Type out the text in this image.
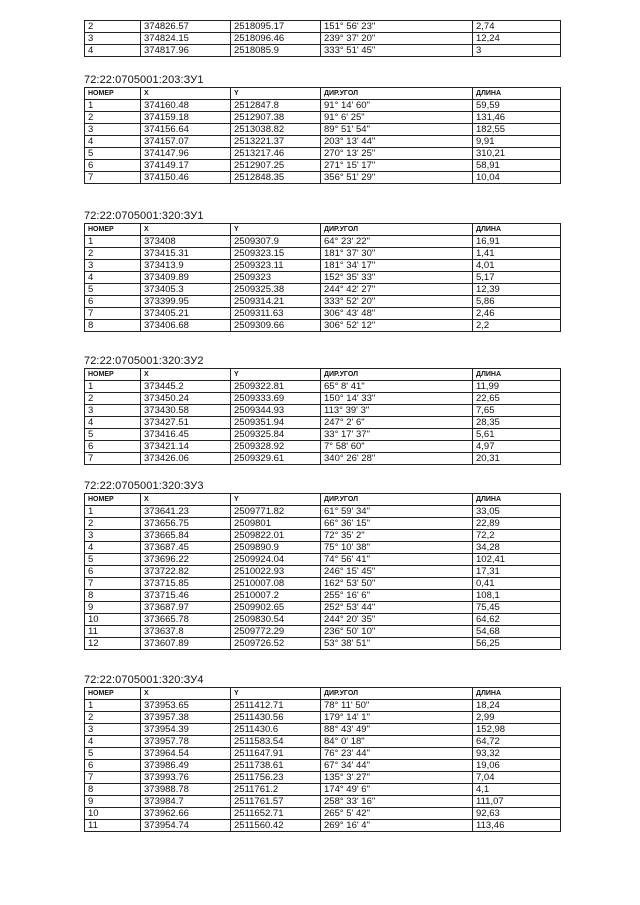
2	374826.57	2518095.17	151° 56' 23"	2,74
3	374824.15	2518096.46	239° 37' 20"	12,24
4	374817.96	2518085.9	333° 51' 45"	3
72:22:0705001:203:ЗУ1
НОМЕР	X	Y	ДИР.УГОЛ	ДЛИНА
1	374160.48	2512847.8	91° 14' 60"	59,59
2	374159.18	2512907.38	91° 6' 25"	131,46
3	374156.64	2513038.82	89° 51' 54"	182,55
4	374157.07	2513221.37	203° 13' 44"	9,91
5	374147.96	2513217.46	270° 13' 25"	310,21
6	374149.17	2512907.25	271° 15' 17"	58,91
7	374150.46	2512848.35	356° 51' 29"	10,04
72:22:0705001:320:ЗУ1
НОМЕР	X	Y	ДИР.УГОЛ	ДЛИНА
1	373408	2509307.9	64° 23' 22"	16,91
2	373415.31	2509323.15	181° 37' 30"	1,41
3	373413.9	2509323.11	181° 34' 17"	4,01
4	373409.89	2509323	152° 35' 33"	5,17
5	373405.3	2509325.38	244° 42' 27"	12,39
6	373399.95	2509314.21	333° 52' 20"	5,86
7	373405.21	2509311.63	306° 43' 48"	2,46
8	373406.68	2509309.66	306° 52' 12"	2,2
72:22:0705001:320:ЗУ2
НОМЕР	X	Y	ДИР.УГОЛ	ДЛИНА
1	373445.2	2509322.81	65° 8' 41"	11,99
2	373450.24	2509333.69	150° 14' 33"	22,65
3	373430.58	2509344.93	113° 39' 3"	7,65
4	373427.51	2509351.94	247° 2' 6"	28,35
5	373416.45	2509325.84	33° 17' 37"	5,61
6	373421.14	2509328.92	7° 58' 60"	4,97
7	373426.06	2509329.61	340° 26' 28"	20,31
72:22:0705001:320:ЗУ3
НОМЕР	X	Y	ДИР.УГОЛ	ДЛИНА
1	373641.23	2509771.82	61° 59' 34"	33,05
2	373656.75	2509801	66° 36' 15"	22,89
3	373665.84	2509822.01	72° 35' 2"	72,2
4	373687.45	2509890.9	75° 10' 38"	34,28
5	373696.22	2509924.04	74° 56' 41"	102,41
6	373722.82	2510022.93	246° 15' 45"	17,31
7	373715.85	2510007.08	162° 53' 50"	0,41
8	373715.46	2510007.2	255° 16' 6"	108,1
9	373687.97	2509902.65	252° 53' 44"	75,45
10	373665.78	2509830.54	244° 20' 35"	64,62
11	373637.8	2509772.29	236° 50' 10"	54,68
12	373607.89	2509726.52	53° 38' 51"	56,25
72:22:0705001:320:ЗУ4
НОМЕР	X	Y	ДИР.УГОЛ	ДЛИНА
1	373953.65	2511412.71	78° 11' 50"	18,24
2	373957.38	2511430.56	179° 14' 1"	2,99
3	373954.39	2511430.6	88° 43' 49"	152,98
4	373957.78	2511583.54	84° 0' 18"	64,72
5	373964.54	2511647.91	76° 23' 44"	93,32
6	373986.49	2511738.61	67° 34' 44"	19,06
7	373993.76	2511756.23	135° 3' 27"	7,04
8	373988.78	2511761.2	174° 49' 6"	4,1
9	373984.7	2511761.57	258° 33' 16"	111,07
10	373962.66	2511652.71	265° 5' 42"	92,63
11	373954.74	2511560.42	269° 16' 4"	113,46
